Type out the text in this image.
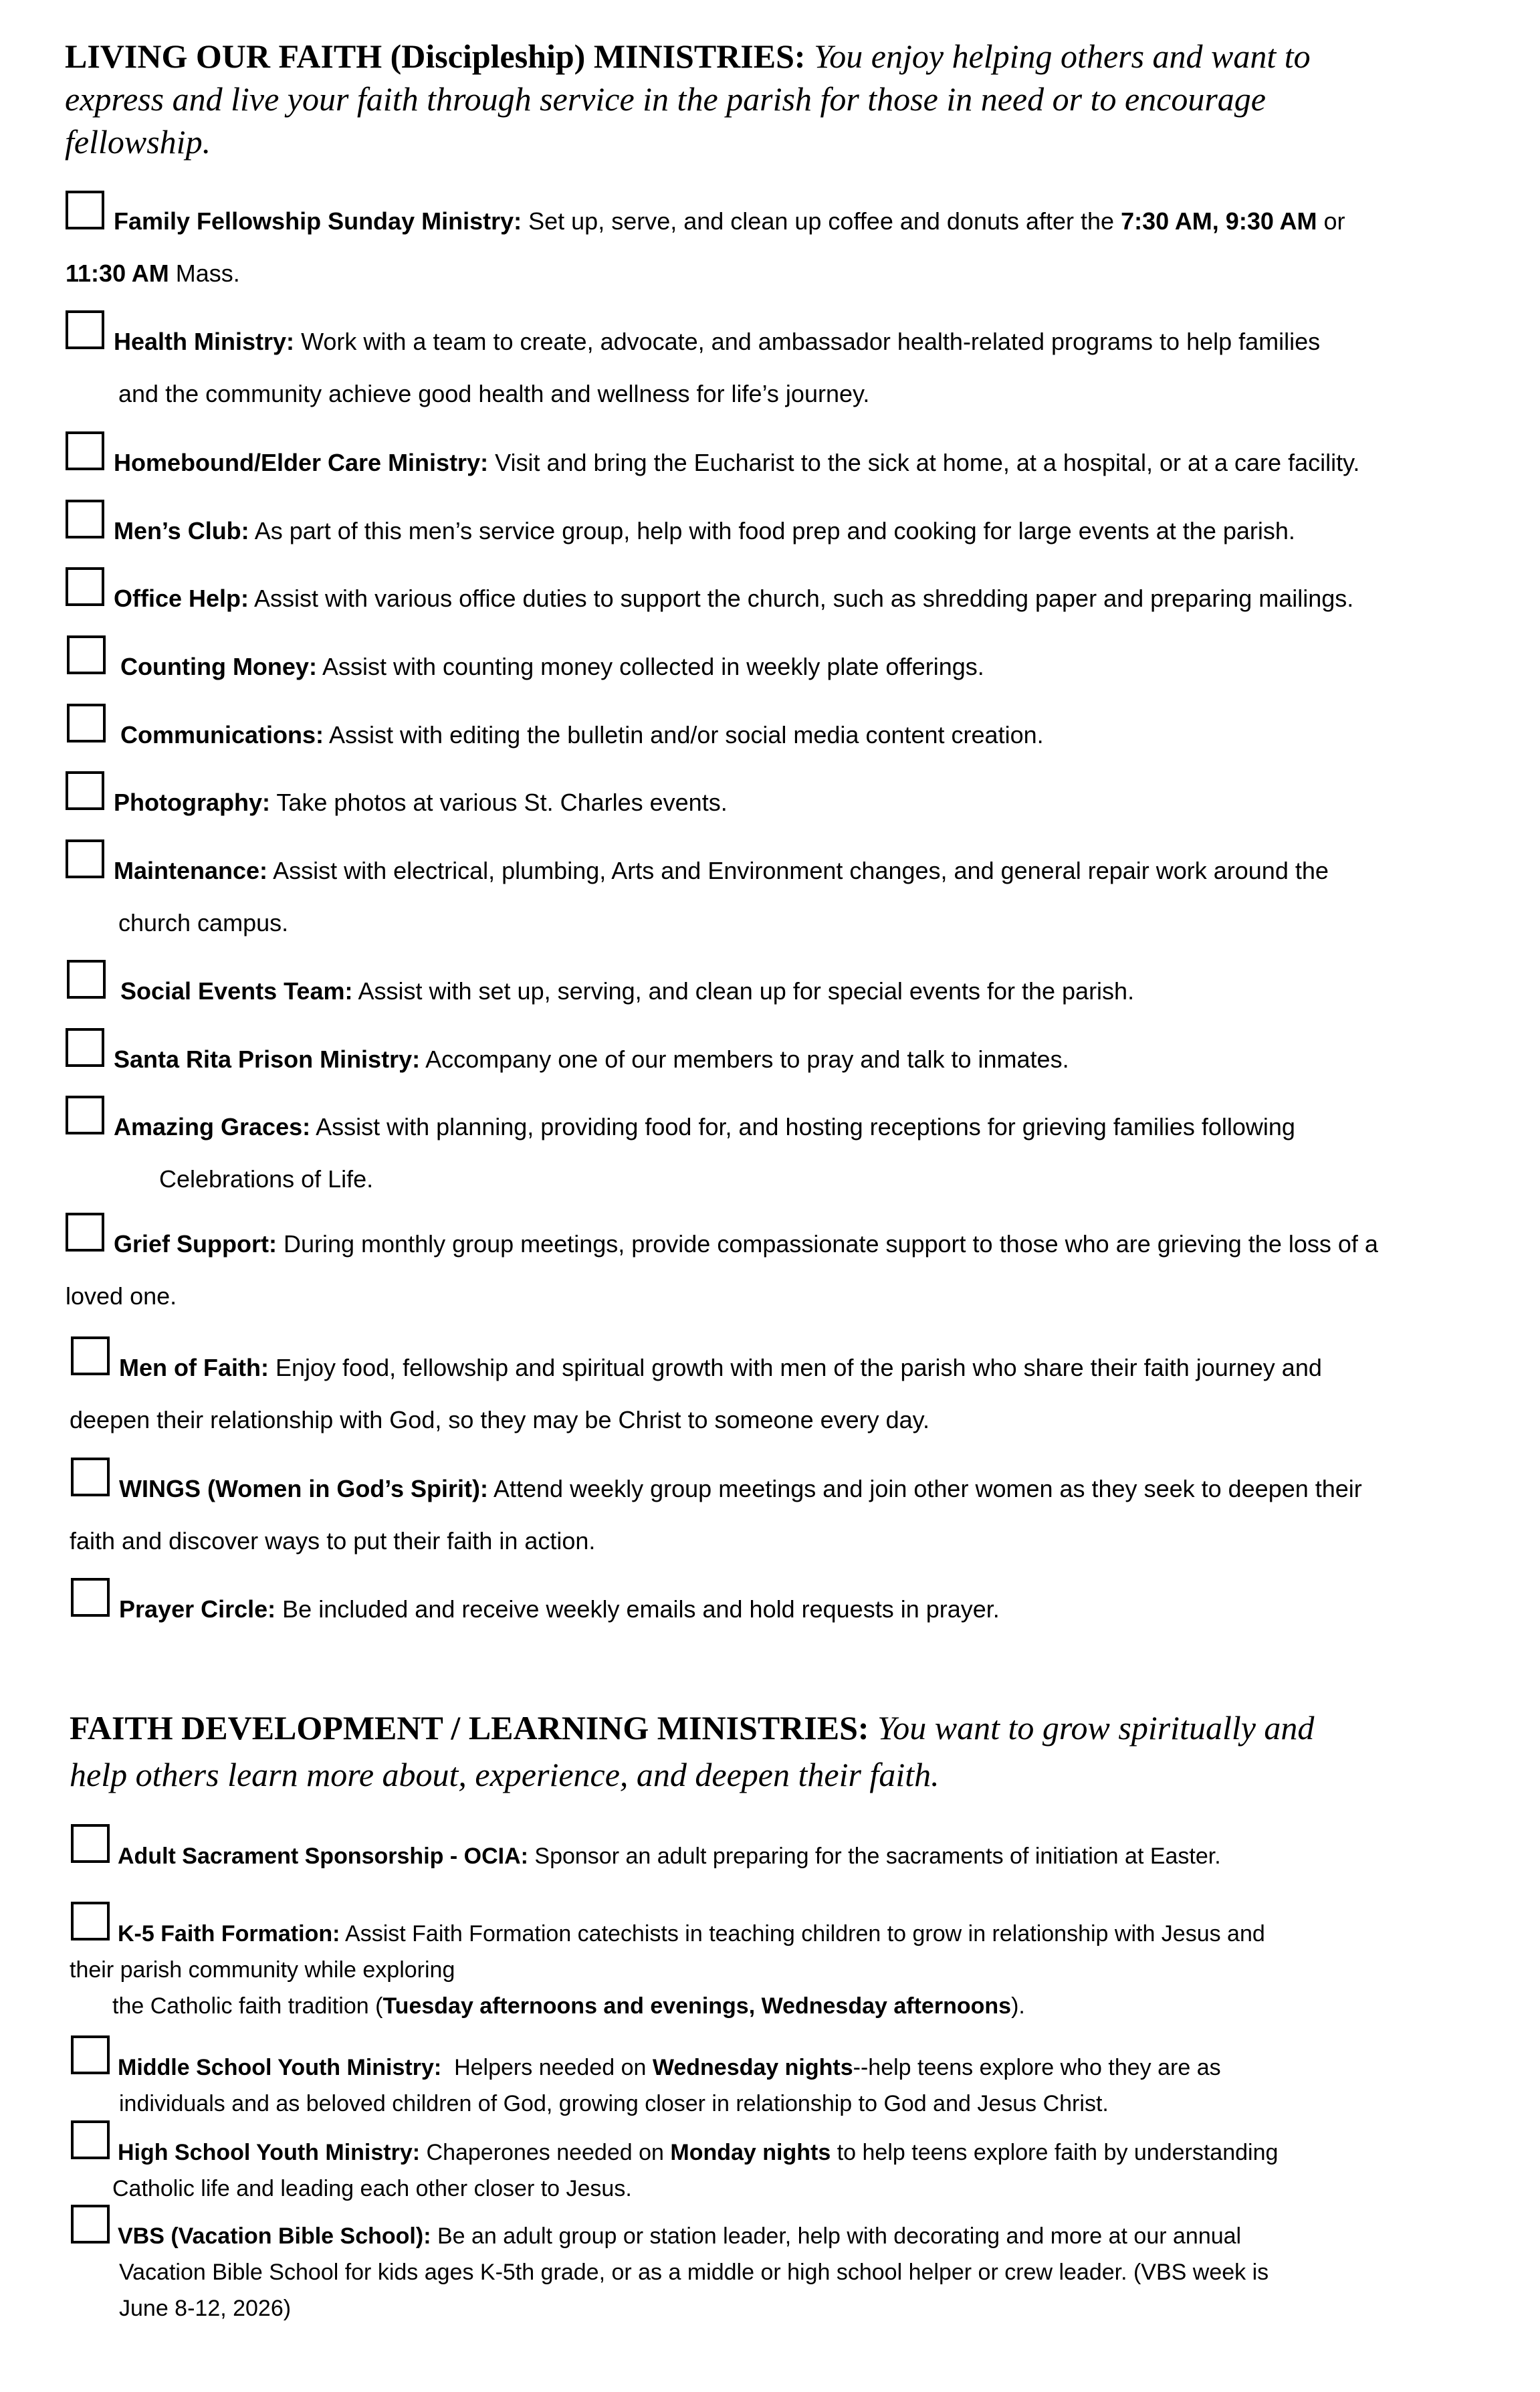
LIVING OUR FAITH (Discipleship) MINISTRIES: You enjoy helping others and want to
express and live your faith through service in the parish for those in need or to encourage
fellowship.
Family Fellowship Sunday Ministry: Set up, serve, and clean up coffee and donuts after the 7:30 AM, 9:30 AM or
11:30 AM Mass.
Health Ministry: Work with a team to create, advocate, and ambassador health-related programs to help families
and the community achieve good health and wellness for life’s journey.
Homebound/Elder Care Ministry: Visit and bring the Eucharist to the sick at home, at a hospital, or at a care facility.
Men’s Club: As part of this men’s service group, help with food prep and cooking for large events at the parish.
Office Help: Assist with various office duties to support the church, such as shredding paper and preparing mailings.
Counting Money: Assist with counting money collected in weekly plate offerings.
Communications: Assist with editing the bulletin and/or social media content creation.
Photography: Take photos at various St. Charles events.
Maintenance: Assist with electrical, plumbing, Arts and Environment changes, and general repair work around the
church campus.
Social Events Team: Assist with set up, serving, and clean up for special events for the parish.
Santa Rita Prison Ministry: Accompany one of our members to pray and talk to inmates.
Amazing Graces: Assist with planning, providing food for, and hosting receptions for grieving families following
Celebrations of Life.
Grief Support: During monthly group meetings, provide compassionate support to those who are grieving the loss of a
loved one.
Men of Faith: Enjoy food, fellowship and spiritual growth with men of the parish who share their faith journey and
deepen their relationship with God, so they may be Christ to someone every day.
WINGS (Women in God’s Spirit): Attend weekly group meetings and join other women as they seek to deepen their
faith and discover ways to put their faith in action.
Prayer Circle: Be included and receive weekly emails and hold requests in prayer.
FAITH DEVELOPMENT / LEARNING MINISTRIES: You want to grow spiritually and
help others learn more about, experience, and deepen their faith.
Adult Sacrament Sponsorship - OCIA: Sponsor an adult preparing for the sacraments of initiation at Easter.
K-5 Faith Formation: Assist Faith Formation catechists in teaching children to grow in relationship with Jesus and
their parish community while exploring
the Catholic faith tradition (Tuesday afternoons and evenings, Wednesday afternoons).
Middle School Youth Ministry: Helpers needed on Wednesday nights--help teens explore who they are as
individuals and as beloved children of God, growing closer in relationship to God and Jesus Christ.
High School Youth Ministry: Chaperones needed on Monday nights to help teens explore faith by understanding
Catholic life and leading each other closer to Jesus.
VBS (Vacation Bible School): Be an adult group or station leader, help with decorating and more at our annual
Vacation Bible School for kids ages K-5th grade, or as a middle or high school helper or crew leader. (VBS week is
June 8-12, 2026)
